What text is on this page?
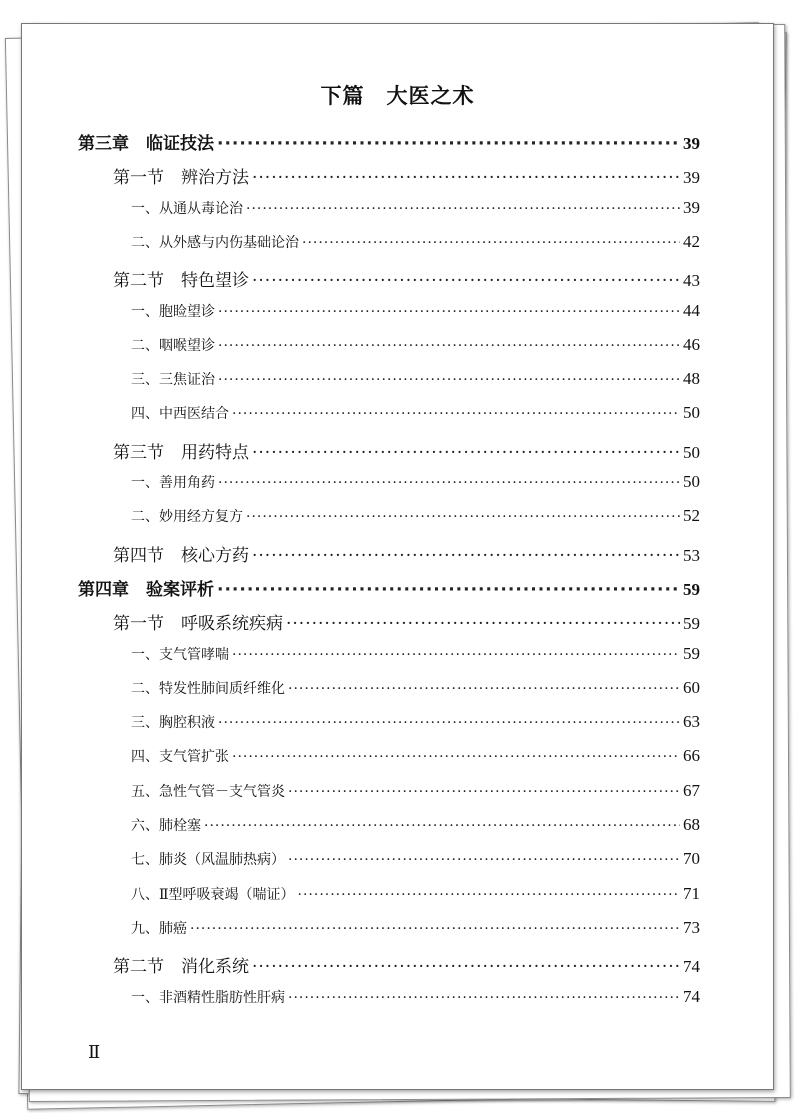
下篇　大医之术
第三章　临证技法 ·····	39
第一节　辨治方法 ·····	39
一、从通从毒论治 ·····	39
二、从外感与内伤基础论治 ·····	42
第二节　特色望诊 ·····	43
一、胞睑望诊 ·····	44
二、咽喉望诊 ·····	46
三、三焦证治 ·····	48
四、中西医结合 ·····	50
第三节　用药特点 ·····	50
一、善用角药 ·····	50
二、妙用经方复方 ·····	52
第四节　核心方药 ·····	53
第四章　验案评析 ·····	59
第一节　呼吸系统疾病 ·····	59
一、支气管哮喘 ·····	59
二、特发性肺间质纤维化 ·····	60
三、胸腔积液 ·····	63
四、支气管扩张 ·····	66
五、急性气管－支气管炎 ·····	67
六、肺栓塞 ·····	68
七、肺炎（风温肺热病） ·····	70
八、Ⅱ型呼吸衰竭（喘证） ·····	71
九、肺癌 ·····	73
第二节　消化系统 ·····	74
一、非酒精性脂肪性肝病 ·····	74
Ⅱ
